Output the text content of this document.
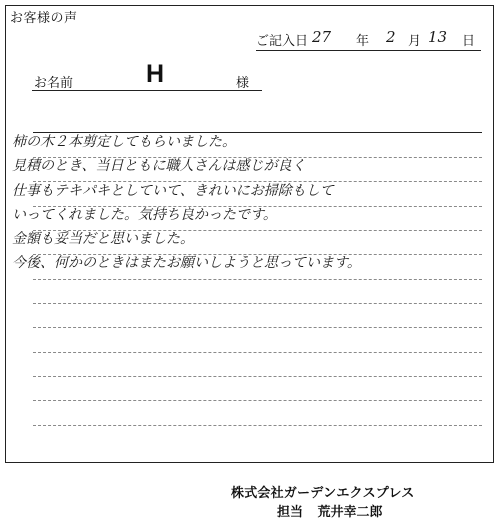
お客様の声
ご記入日 27 年 2 月 13 日
お名前	H	様
柿の木２本剪定してもらいました。
見積のとき、当日ともに職人さんは感じが良く
仕事もテキパキとしていて、きれいにお掃除もして
いってくれました。気持ち良かったです。
金額も妥当だと思いました。
今後、何かのときはまたお願いしようと思っています。
株式会社ガーデンエクスプレス
担当 荒井幸二郎
